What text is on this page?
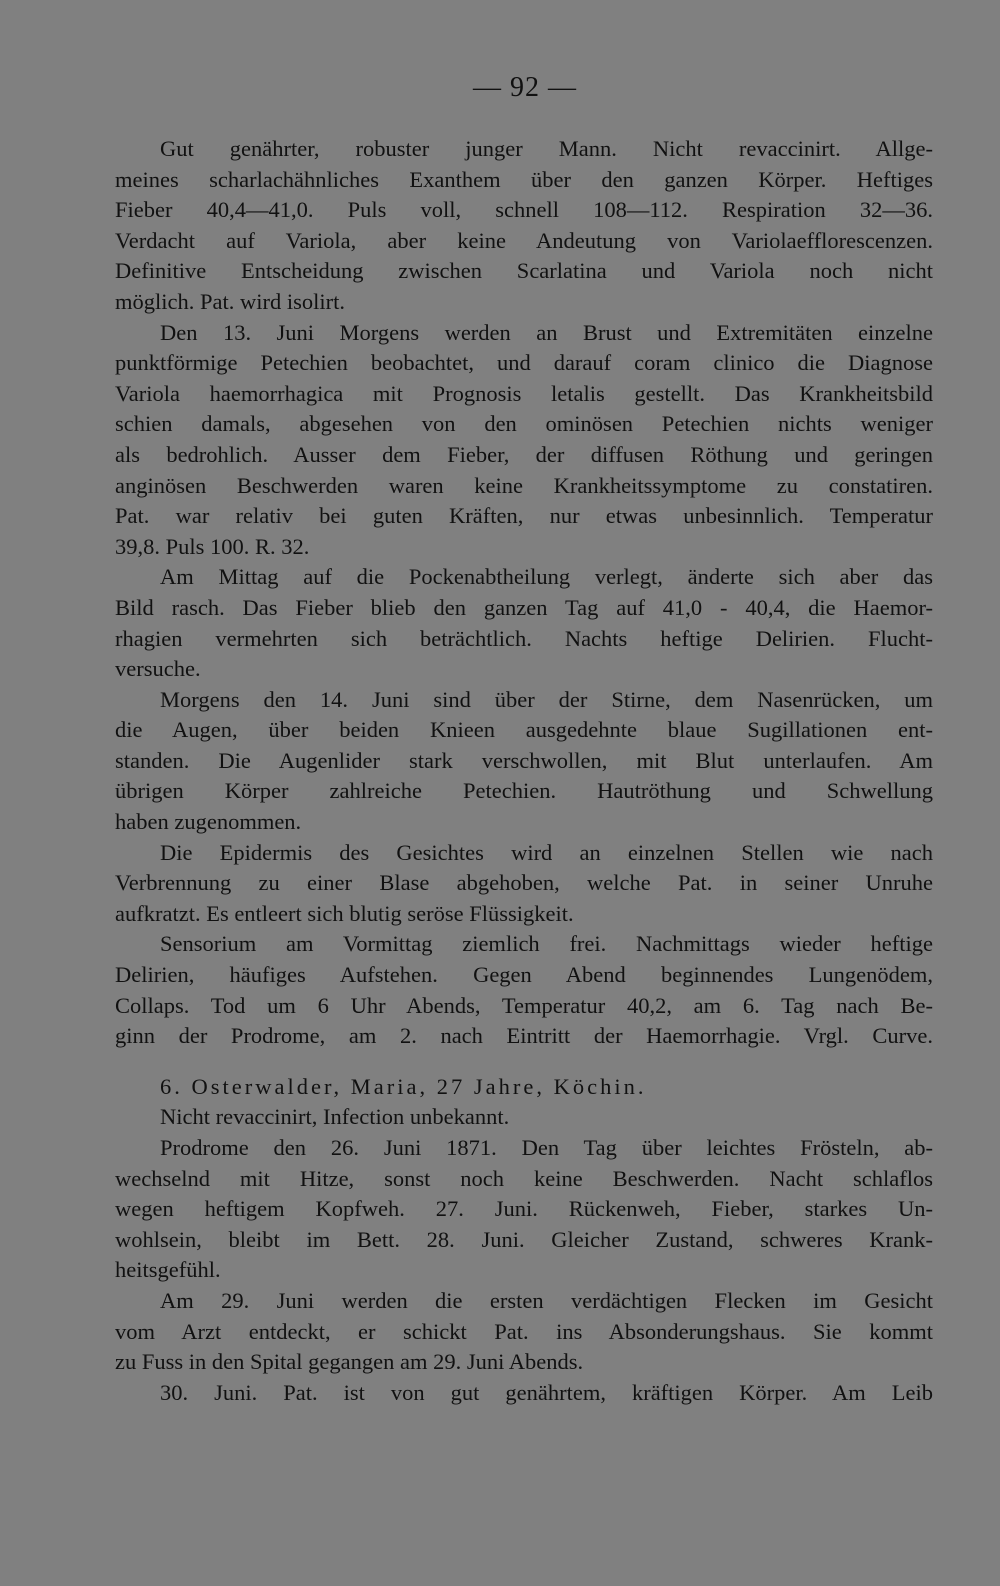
— 92 —
Gut genährter, robuster junger Mann. Nicht revaccinirt. Allge-
meines scharlachähnliches Exanthem über den ganzen Körper. Heftiges
Fieber 40,4—41,0. Puls voll, schnell 108—112. Respiration 32—36.
Verdacht auf Variola, aber keine Andeutung von Variolaefflorescenzen.
Definitive Entscheidung zwischen Scarlatina und Variola noch nicht
möglich. Pat. wird isolirt.
Den 13. Juni Morgens werden an Brust und Extremitäten einzelne
punktförmige Petechien beobachtet, und darauf coram clinico die Diagnose
Variola haemorrhagica mit Prognosis letalis gestellt. Das Krankheitsbild
schien damals, abgesehen von den ominösen Petechien nichts weniger
als bedrohlich. Ausser dem Fieber, der diffusen Röthung und geringen
anginösen Beschwerden waren keine Krankheitssymptome zu constatiren.
Pat. war relativ bei guten Kräften, nur etwas unbesinnlich. Temperatur
39,8. Puls 100. R. 32.
Am Mittag auf die Pockenabtheilung verlegt, änderte sich aber das
Bild rasch. Das Fieber blieb den ganzen Tag auf 41,0 - 40,4, die Haemor-
rhagien vermehrten sich beträchtlich. Nachts heftige Delirien. Flucht-
versuche.
Morgens den 14. Juni sind über der Stirne, dem Nasenrücken, um
die Augen, über beiden Knieen ausgedehnte blaue Sugillationen ent-
standen. Die Augenlider stark verschwollen, mit Blut unterlaufen. Am
übrigen Körper zahlreiche Petechien. Hautröthung und Schwellung
haben zugenommen.
Die Epidermis des Gesichtes wird an einzelnen Stellen wie nach
Verbrennung zu einer Blase abgehoben, welche Pat. in seiner Unruhe
aufkratzt. Es entleert sich blutig seröse Flüssigkeit.
Sensorium am Vormittag ziemlich frei. Nachmittags wieder heftige
Delirien, häufiges Aufstehen. Gegen Abend beginnendes Lungenödem,
Collaps. Tod um 6 Uhr Abends, Temperatur 40,2, am 6. Tag nach Be-
ginn der Prodrome, am 2. nach Eintritt der Haemorrhagie. Vrgl. Curve.
6. Osterwalder, Maria, 27 Jahre, Köchin.
Nicht revaccinirt, Infection unbekannt.
Prodrome den 26. Juni 1871. Den Tag über leichtes Frösteln, ab-
wechselnd mit Hitze, sonst noch keine Beschwerden. Nacht schlaflos
wegen heftigem Kopfweh. 27. Juni. Rückenweh, Fieber, starkes Un-
wohlsein, bleibt im Bett. 28. Juni. Gleicher Zustand, schweres Krank-
heitsgefühl.
Am 29. Juni werden die ersten verdächtigen Flecken im Gesicht
vom Arzt entdeckt, er schickt Pat. ins Absonderungshaus. Sie kommt
zu Fuss in den Spital gegangen am 29. Juni Abends.
30. Juni. Pat. ist von gut genährtem, kräftigen Körper. Am Leib
